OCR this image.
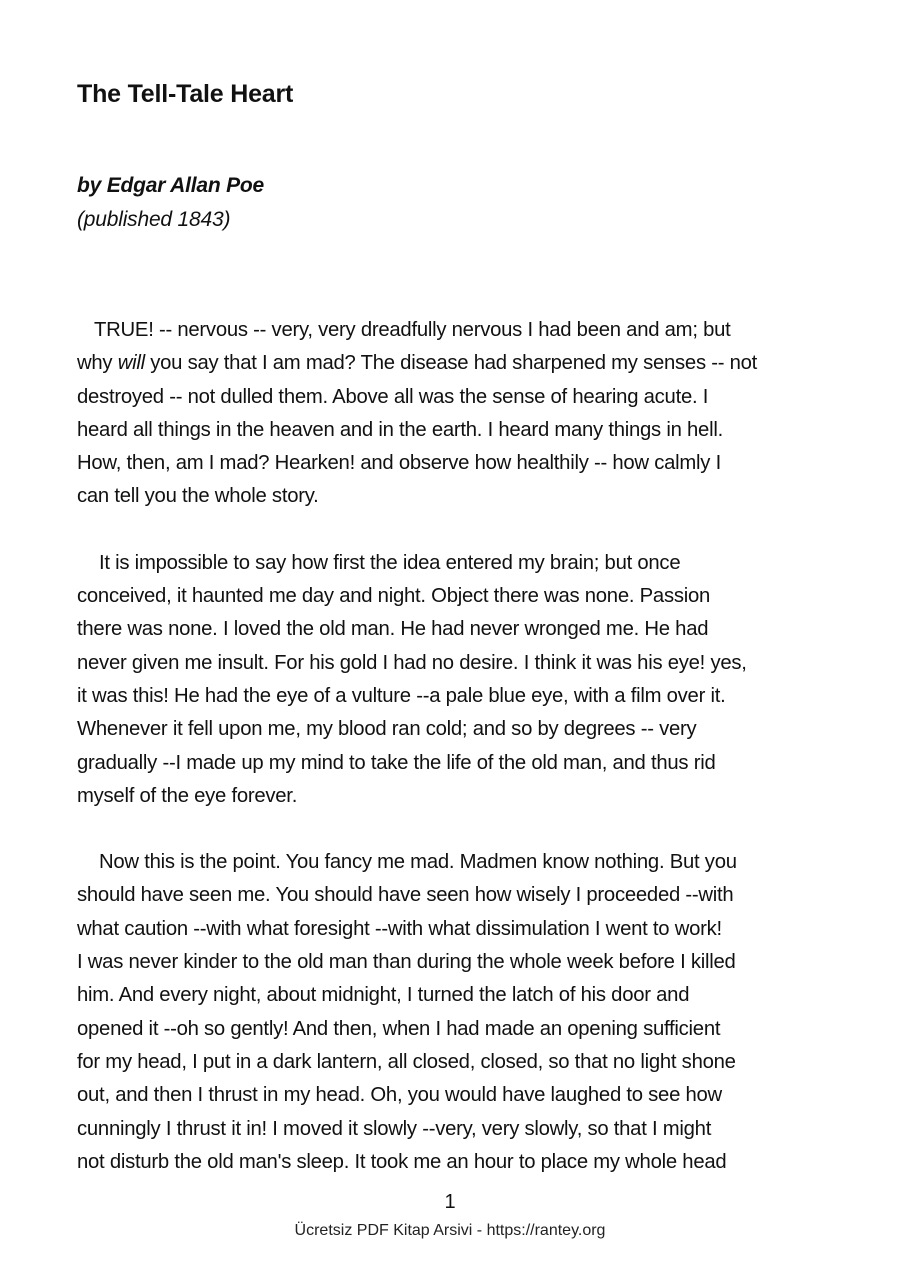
The Tell-Tale Heart

by Edgar Allan Poe

(published 1843)

TRUE! -- nervous -- very, very dreadfully nervous I had been and am; but
why will you say that I am mad? The disease had sharpened my senses -- not
destroyed -- not dulled them. Above all was the sense of hearing acute. I
heard all things in the heaven and in the earth. I heard many things in hell.
How, then, am I mad? Hearken! and observe how healthily -- how calmly I
can tell you the whole story.

It is impossible to say how first the idea entered my brain; but once
conceived, it haunted me day and night. Object there was none. Passion
there was none. I loved the old man. He had never wronged me. He had
never given me insult. For his gold I had no desire. I think it was his eye! yes,
it was this! He had the eye of a vulture --a pale blue eye, with a film over it.
Whenever it fell upon me, my blood ran cold; and so by degrees -- very
gradually --I made up my mind to take the life of the old man, and thus rid
myself of the eye forever.

Now this is the point. You fancy me mad. Madmen know nothing. But you
should have seen me. You should have seen how wisely I proceeded --with
what caution --with what foresight --with what dissimulation I went to work!
I was never kinder to the old man than during the whole week before I killed
him. And every night, about midnight, I turned the latch of his door and
opened it --oh so gently! And then, when I had made an opening sufficient
for my head, I put in a dark lantern, all closed, closed, so that no light shone
out, and then I thrust in my head. Oh, you would have laughed to see how
cunningly I thrust it in! I moved it slowly --very, very slowly, so that I might
not disturb the old man's sleep. It took me an hour to place my whole head

1
Ücretsiz PDF Kitap Arsivi - https://rantey.org
